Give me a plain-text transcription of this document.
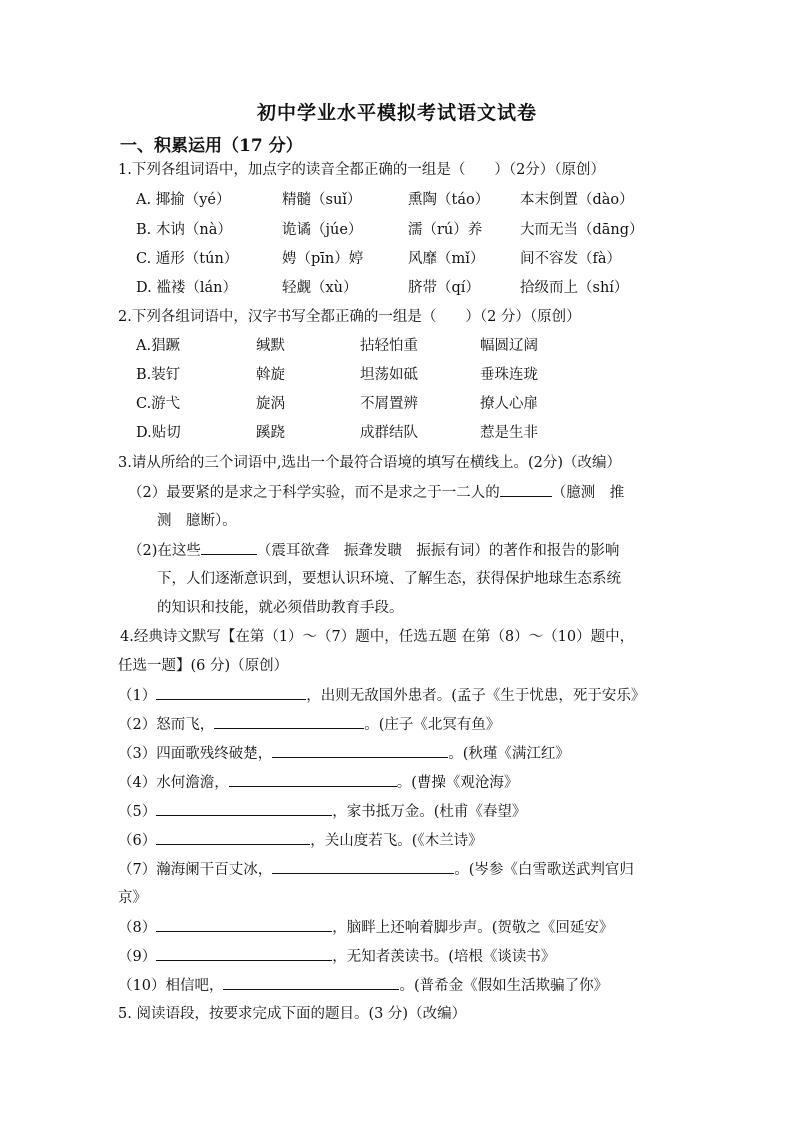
初中学业水平模拟考试语文试卷
一、积累运用（17 分）
1.下列各组词语中，加点字的读音全都正确的一组是（　　）（2分）（原创）
A. 揶揄（yé）	精髓（suǐ）	熏陶（táo） 本末倒置（dào）
B. 木讷（nà）	诡谲（júe）	濡（rú）养	大而无当（dāng）
C. 遁形（tún）	娉（pīn）婷	风靡（mǐ） 间不容发（fà）
D. 褴褛（lán）	轻觑（xù）	脐带（qí）	拾级而上（shí）
2.下列各组词语中，汉字书写全都正确的一组是（　　）（2 分）（原创）
A.猖蹶	缄默	拈轻怕重	幅圆辽阔
B.装钉	斡旋	坦荡如砥	垂珠连珑
C.游弋	旋涡	不屑置辨	撩人心扉
D.贴切	蹊跷	成群结队	惹是生非
3.请从所给的三个词语中,选出一个最符合语境的填写在横线上。(2分)（改编）
（2）最要紧的是求之于科学实验，而不是求之于一二人的	（臆测　推
测　臆断）。
（2)在这些	（震耳欲聋　振聋发聩　振振有词）的著作和报告的影响
下，人们逐渐意识到，要想认识环境、了解生态，获得保护地球生态系统
的知识和技能，就必须借助教育手段。
4.经典诗文默写【在第（1）～（7）题中，任选五题 在第（8）～（10）题中，
任选一题】(6 分)（原创）
（1）	，出则无敌国外患者。(孟子《生于忧患，死于安乐》
（2）怒而飞，	。(庄子《北冥有鱼》
（3）四面歌残终破楚，	。(秋瑾《满江红》
（4）水何澹澹，	。(曹操《观沧海》
（5）	，家书抵万金。(杜甫《春望》
（6）	，关山度若飞。(《木兰诗》
（7）瀚海阑干百丈冰，	。(岑参《白雪歌送武判官归
京》
（8）	，脑畔上还响着脚步声。(贺敬之《回延安》
（9）	，无知者羡读书。(培根《谈读书》
（10）相信吧，	。(普希金《假如生活欺骗了你》
5. 阅读语段，按要求完成下面的题目。(3 分)（改编）
